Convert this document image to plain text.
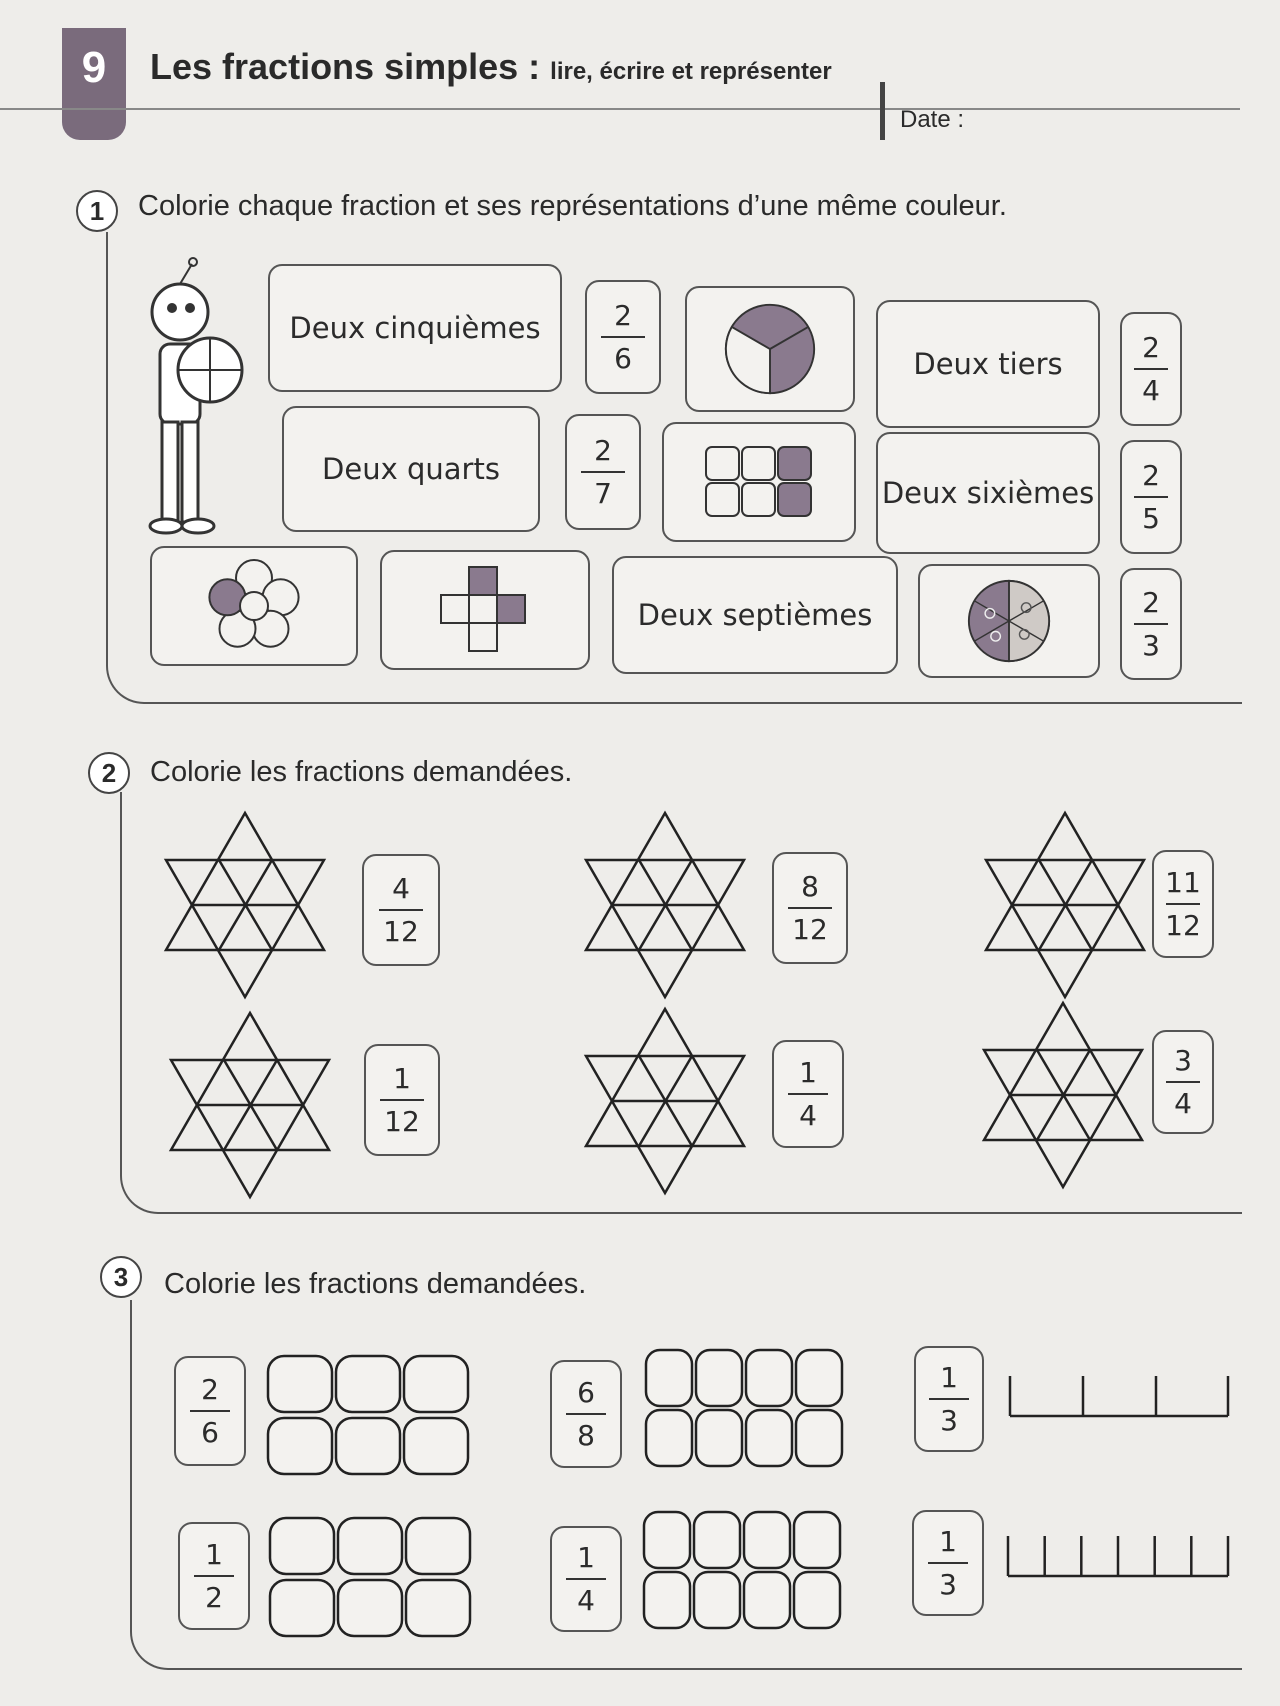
9	Les fractions simples : lire, écrire et représenter
Date :
1	Colorie chaque fraction et ses représentations d’une même couleur.
Deux cinquièmes	2
6	Deux tiers	2
4
Deux quarts
2
7	Deux sixièmes
2
5
Deux septièmes	2
3
2	Colorie les fractions demandées.
4
12
8
12
11
12
1
12
1
4
3
4
3	Colorie les fractions demandées.
2
6
6
8
1
3
1
2
1
4
1
3
